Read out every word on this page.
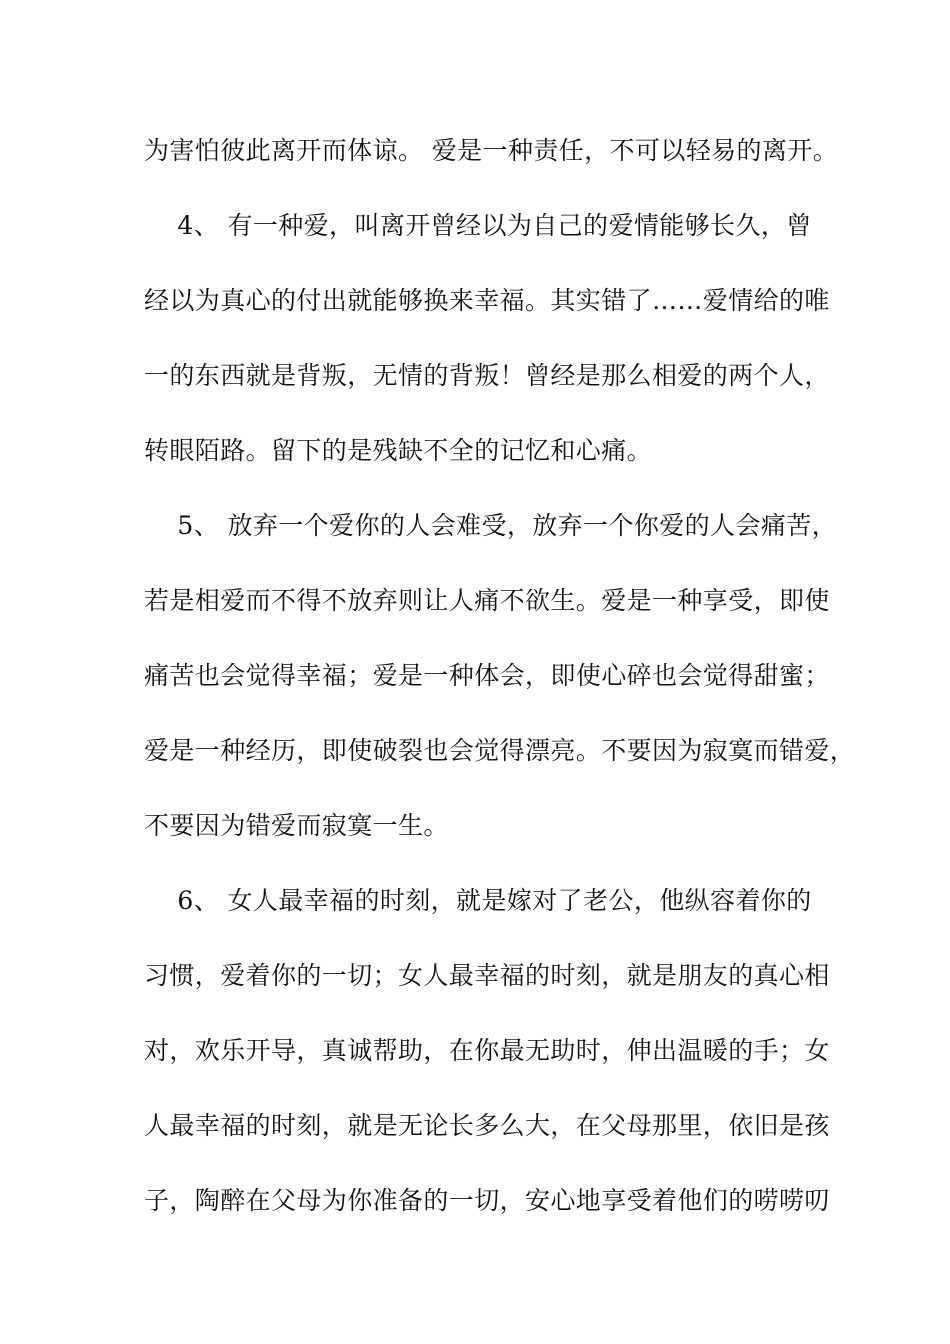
为害怕彼此离开而体谅。 爱是一种责任，不可以轻易的离开。
4、 有一种爱，叫离开曾经以为自己的爱情能够长久，曾
经以为真心的付出就能够换来幸福。其实错了……爱情给的唯
一的东西就是背叛，无情的背叛！曾经是那么相爱的两个人，
转眼陌路。留下的是残缺不全的记忆和心痛。
5、 放弃一个爱你的人会难受，放弃一个你爱的人会痛苦，
若是相爱而不得不放弃则让人痛不欲生。爱是一种享受，即使
痛苦也会觉得幸福；爱是一种体会，即使心碎也会觉得甜蜜；
爱是一种经历，即使破裂也会觉得漂亮。不要因为寂寞而错爱，
不要因为错爱而寂寞一生。
6、 女人最幸福的时刻，就是嫁对了老公，他纵容着你的
习惯，爱着你的一切；女人最幸福的时刻，就是朋友的真心相
对，欢乐开导，真诚帮助，在你最无助时，伸出温暖的手；女
人最幸福的时刻，就是无论长多么大，在父母那里，依旧是孩
子，陶醉在父母为你准备的一切，安心地享受着他们的唠唠叨
